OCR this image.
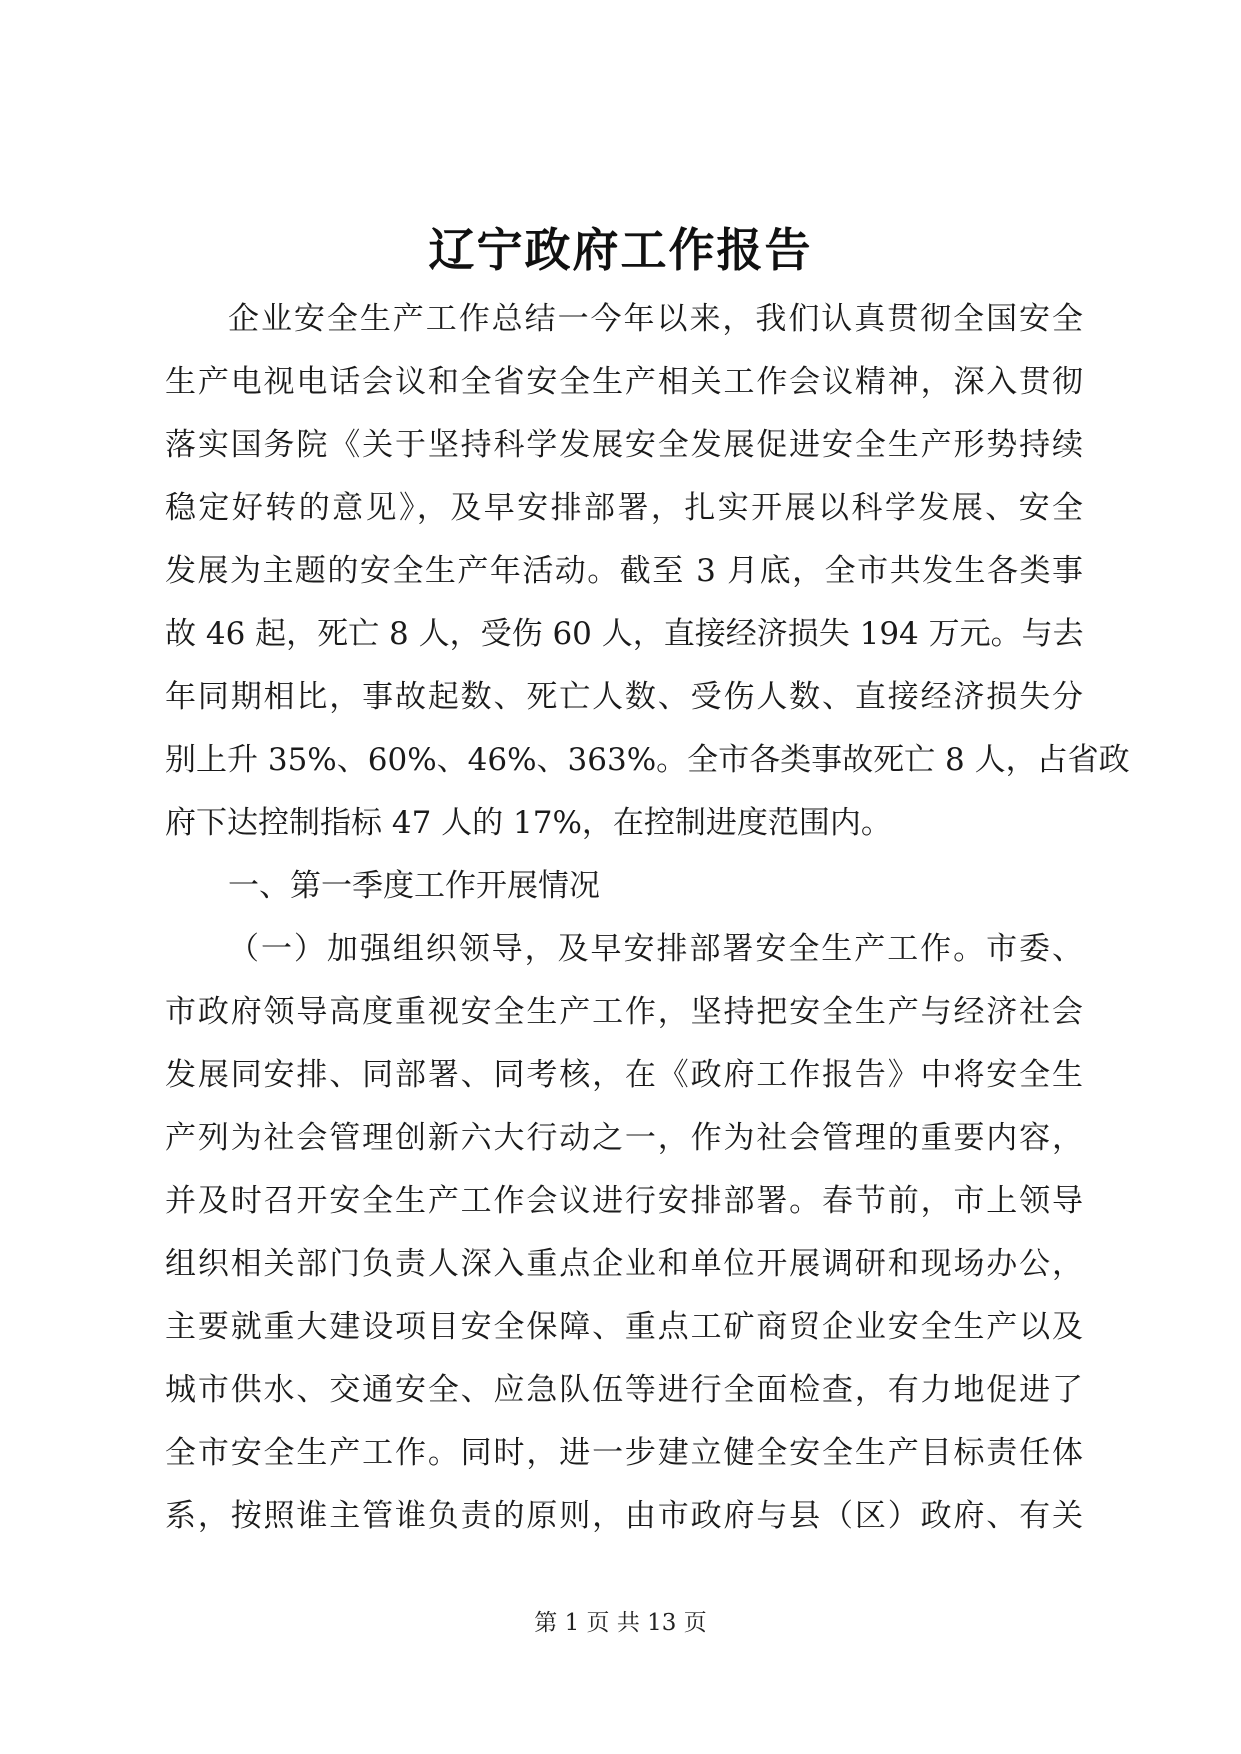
辽宁政府工作报告
企业安全生产工作总结一今年以来，我们认真贯彻全国安全
生产电视电话会议和全省安全生产相关工作会议精神，深入贯彻
落实国务院《关于坚持科学发展安全发展促进安全生产形势持续
稳定好转的意见》，及早安排部署，扎实开展以科学发展、安全
发展为主题的安全生产年活动。截至 3 月底，全市共发生各类事
故 46 起，死亡 8 人，受伤 60 人，直接经济损失 194 万元。与去
年同期相比，事故起数、死亡人数、受伤人数、直接经济损失分
别上升 35%、60%、46%、363%。全市各类事故死亡 8 人，占省政
府下达控制指标 47 人的 17%，在控制进度范围内。
一、第一季度工作开展情况
（一）加强组织领导，及早安排部署安全生产工作。市委、
市政府领导高度重视安全生产工作，坚持把安全生产与经济社会
发展同安排、同部署、同考核，在《政府工作报告》中将安全生
产列为社会管理创新六大行动之一，作为社会管理的重要内容，
并及时召开安全生产工作会议进行安排部署。春节前，市上领导
组织相关部门负责人深入重点企业和单位开展调研和现场办公，
主要就重大建设项目安全保障、重点工矿商贸企业安全生产以及
城市供水、交通安全、应急队伍等进行全面检查，有力地促进了
全市安全生产工作。同时，进一步建立健全安全生产目标责任体
系，按照谁主管谁负责的原则，由市政府与县（区）政府、有关
第 1 页 共 13 页
